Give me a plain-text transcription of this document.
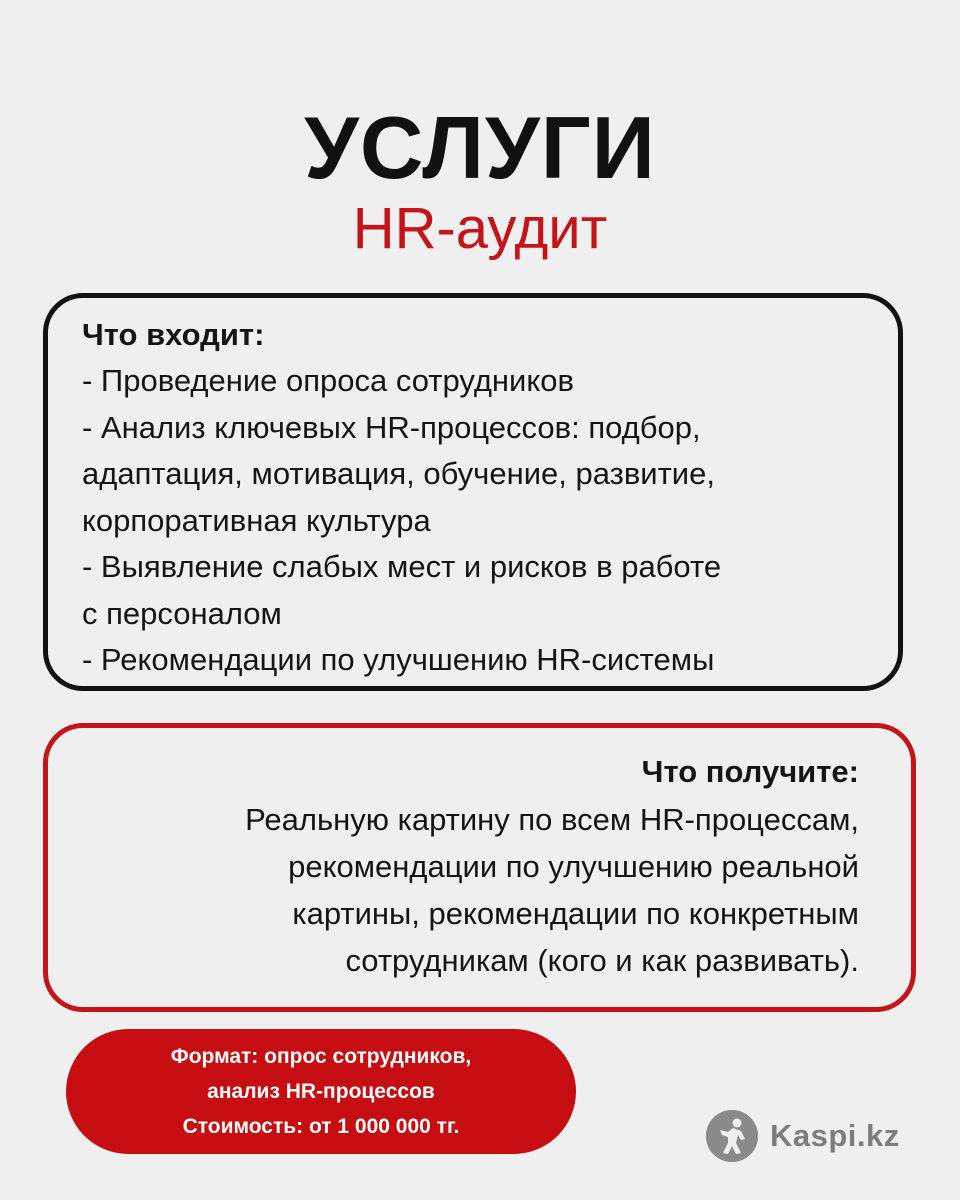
УСЛУГИ
HR-аудит
Что входит:
- Проведение опроса сотрудников
- Анализ ключевых HR-процессов: подбор,
адаптация, мотивация, обучение, развитие,
корпоративная культура
- Выявление слабых мест и рисков в работе
с персоналом
- Рекомендации по улучшению HR-системы
Что получите:
Реальную картину по всем HR-процессам,
рекомендации по улучшению реальной
картины, рекомендации по конкретным
сотрудникам (кого и как развивать).
Формат: опрос сотрудников,
анализ HR-процессов
Стоимость: от 1 000 000 тг.	Kaspi.kz
